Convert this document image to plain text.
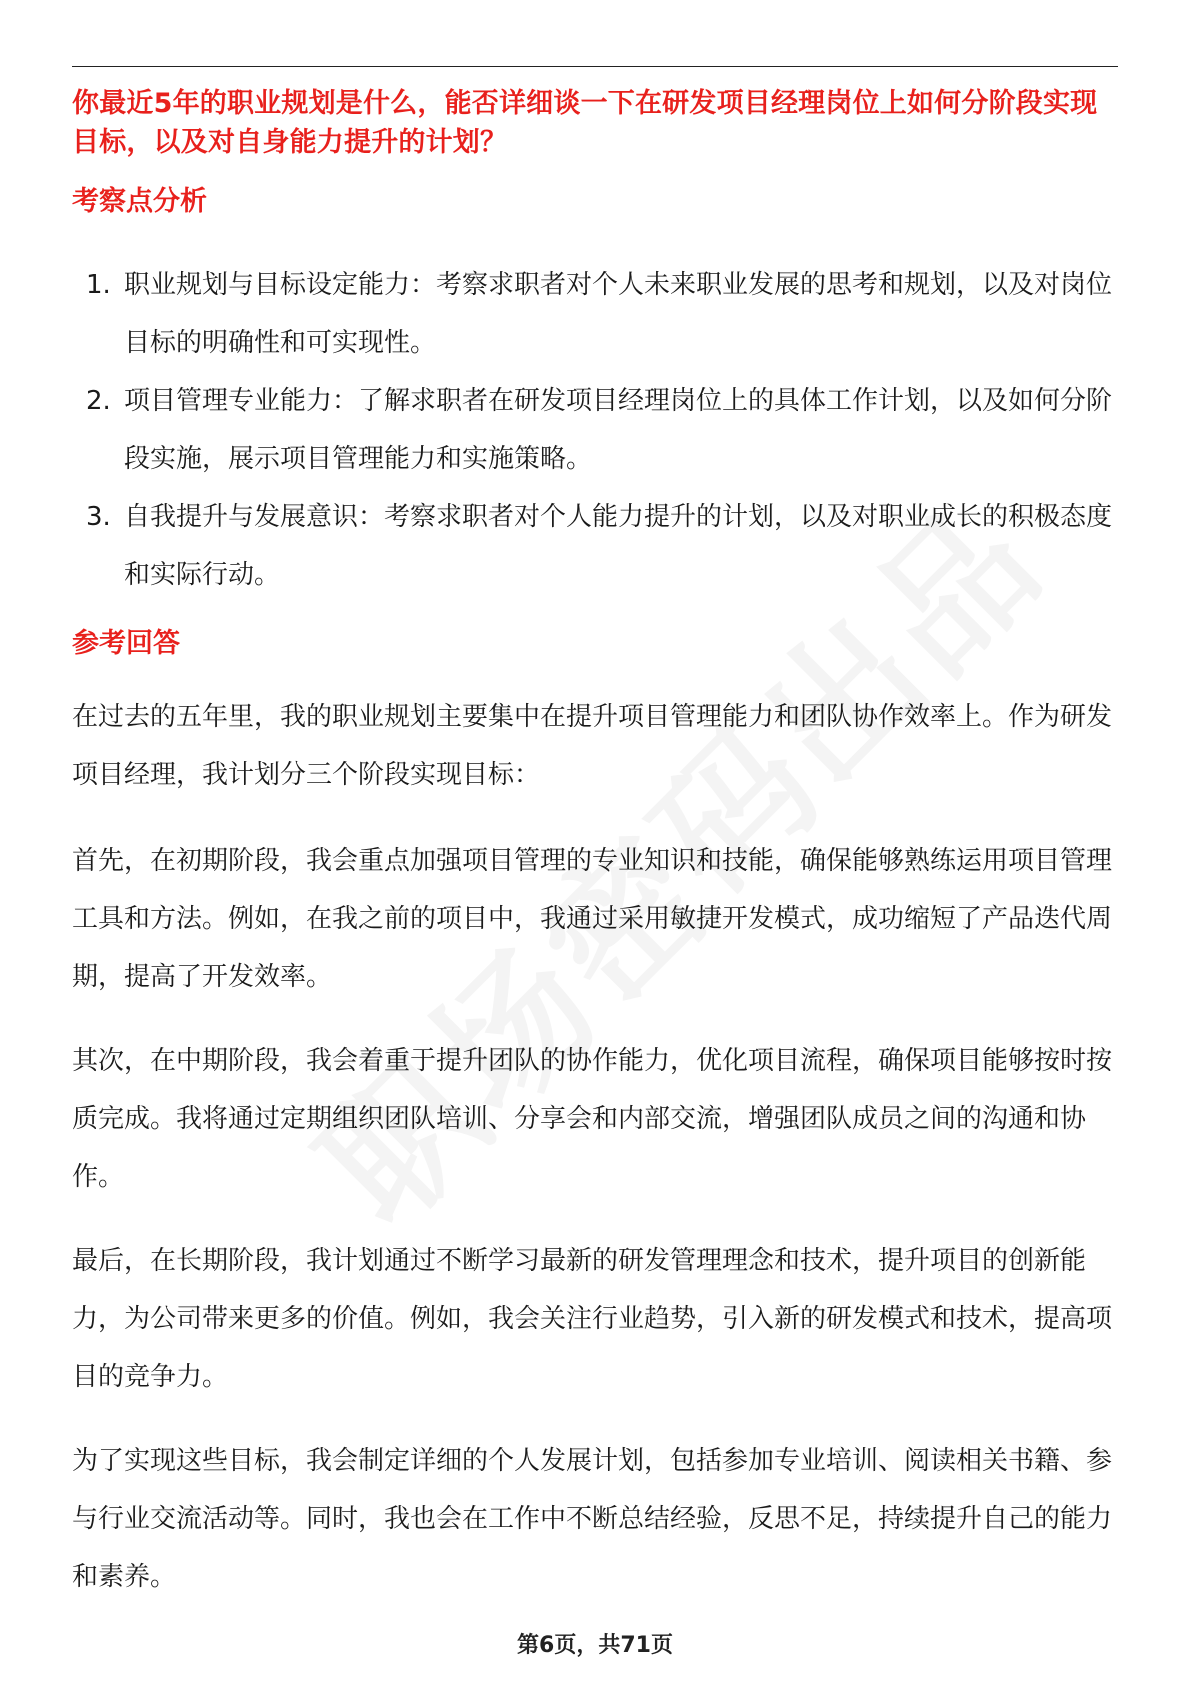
你最近5年的职业规划是什么，能否详细谈一下在研发项目经理岗位上如何分阶段实现目标，以及对自身能力提升的计划？

考察点分析
1. 职业规划与目标设定能力：考察求职者对个人未来职业发展的思考和规划，以及对岗位目标的明确性和可实现性。
2. 项目管理专业能力：了解求职者在研发项目经理岗位上的具体工作计划，以及如何分阶段实施，展示项目管理能力和实施策略。
3. 自我提升与发展意识：考察求职者对个人能力提升的计划，以及对职业成长的积极态度和实际行动。
参考回答

在过去的五年里，我的职业规划主要集中在提升项目管理能力和团队协作效率上。作为研发项目经理，我计划分三个阶段实现目标：

首先，在初期阶段，我会重点加强项目管理的专业知识和技能，确保能够熟练运用项目管理工具和方法。例如，在我之前的项目中，我通过采用敏捷开发模式，成功缩短了产品迭代周期，提高了开发效率。

其次，在中期阶段，我会着重于提升团队的协作能力，优化项目流程，确保项目能够按时按质完成。我将通过定期组织团队培训、分享会和内部交流，增强团队成员之间的沟通和协作。

最后，在长期阶段，我计划通过不断学习最新的研发管理理念和技术，提升项目的创新能力，为公司带来更多的价值。例如，我会关注行业趋势，引入新的研发模式和技术，提高项目的竞争力。

为了实现这些目标，我会制定详细的个人发展计划，包括参加专业培训、阅读相关书籍、参与行业交流活动等。同时，我也会在工作中不断总结经验，反思不足，持续提升自己的能力和素养。

第6页，共71页
